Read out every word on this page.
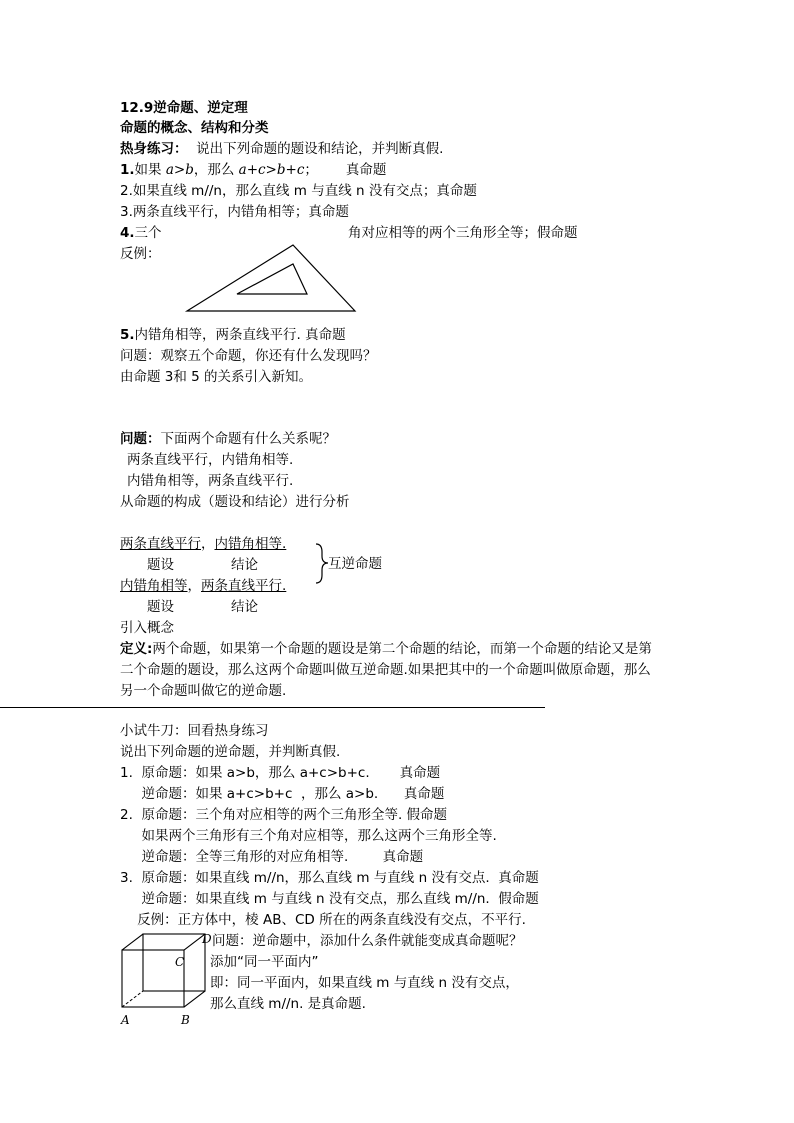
12.9逆命题、逆定理
命题的概念、结构和分类
热身练习： 说出下列命题的题设和结论，并判断真假.
1.如果 a>b，那么 a+c>b+c； 真命题
2.如果直线 m//n，那么直线 m 与直线 n 没有交点；真命题
3.两条直线平行，内错角相等；真命题
4.三个	角对应相等的两个三角形全等；假命题
反例：
5.内错角相等，两条直线平行. 真命题
问题：观察五个命题，你还有什么发现吗？
由命题 3和 5 的关系引入新知。
问题：下面两个命题有什么关系呢？
两条直线平行，内错角相等.
内错角相等，两条直线平行.
从命题的构成（题设和结论）进行分析
两条直线平行，内错角相等.
题设	结论
内错角相等，两条直线平行.
题设	结论
互逆命题
引入概念
定义:两个命题，如果第一个命题的题设是第二个命题的结论，而第一个命题的结论又是第
二个命题的题设，那么这两个命题叫做互逆命题.如果把其中的一个命题叫做原命题，那么
另一个命题叫做它的逆命题.
小试牛刀：回看热身练习
说出下列命题的逆命题，并判断真假.
1.  原命题：如果 a>b，那么 a+c>b+c.       真命题
逆命题：如果 a+c>b+c  ，那么 a>b.      真命题
2.  原命题：三个角对应相等的两个三角形全等. 假命题
如果两个三角形有三个角对应相等，那么这两个三角形全等.
逆命题：全等三角形的对应角相等.        真命题
3.  原命题：如果直线 m//n，那么直线 m 与直线 n 没有交点.  真命题
逆命题：如果直线 m 与直线 n 没有交点，那么直线 m//n.  假命题
反例：正方体中，棱 AB、CD 所在的两条直线没有交点，不平行.
D
C
A	B
问题：逆命题中，添加什么条件就能变成真命题呢？
添加“同一平面内”
即：同一平面内，如果直线 m 与直线 n 没有交点，
那么直线 m//n. 是真命题.
